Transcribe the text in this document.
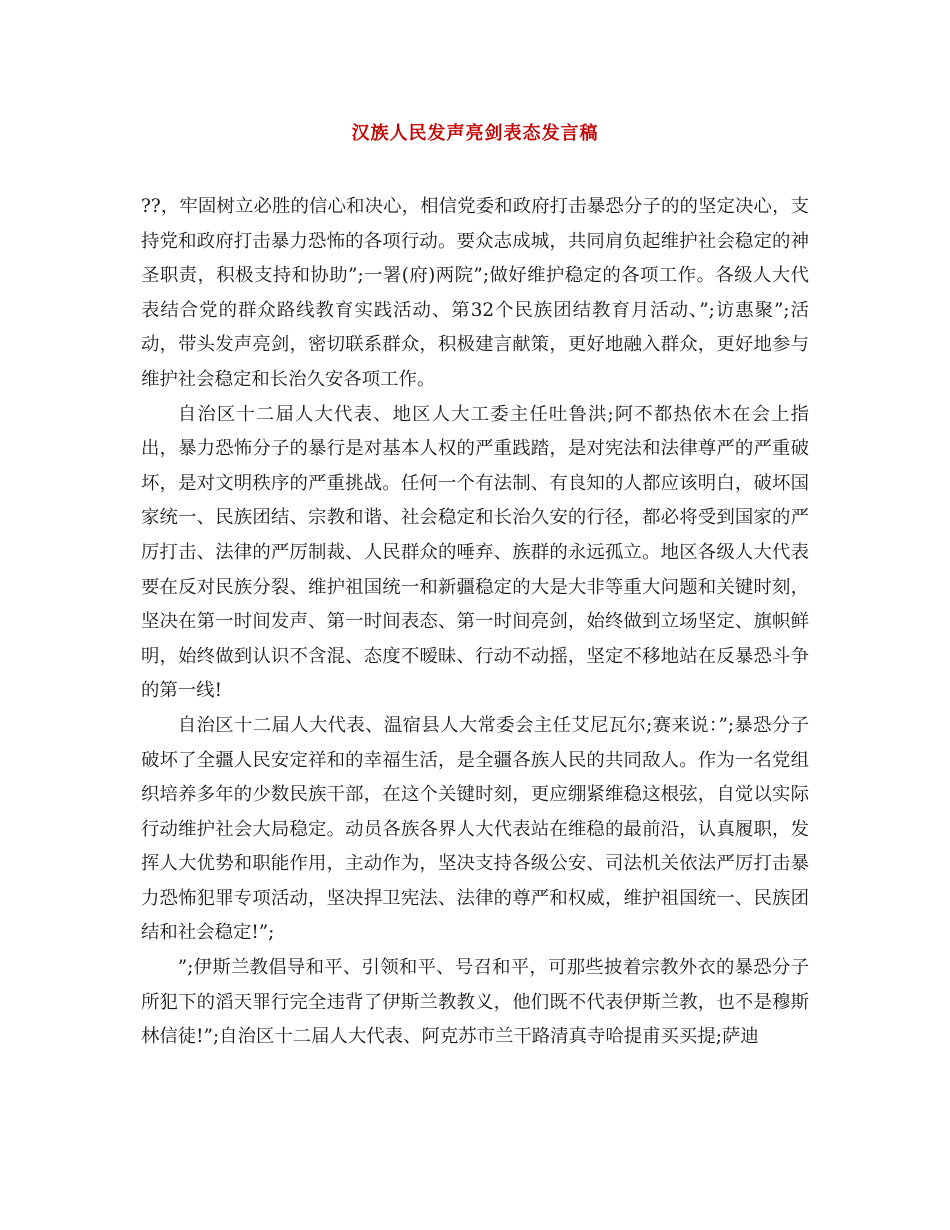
汉族人民发声亮剑表态发言稿

??，牢固树立必胜的信心和决心，相信党委和政府打击暴恐分子的的坚定决心，支持党和政府打击暴力恐怖的各项行动。要众志成城，共同肩负起维护社会稳定的神圣职责，积极支持和协助”;一署(府)两院”;做好维护稳定的各项工作。各级人大代表结合党的群众路线教育实践活动、第32个民族团结教育月活动、”;访惠聚”;活动，带头发声亮剑，密切联系群众，积极建言献策，更好地融入群众，更好地参与维护社会稳定和长治久安各项工作。

自治区十二届人大代表、地区人大工委主任吐鲁洪;阿不都热依木在会上指出，暴力恐怖分子的暴行是对基本人权的严重践踏，是对宪法和法律尊严的严重破坏，是对文明秩序的严重挑战。任何一个有法制、有良知的人都应该明白，破坏国家统一、民族团结、宗教和谐、社会稳定和长治久安的行径，都必将受到国家的严厉打击、法律的严厉制裁、人民群众的唾弃、族群的永远孤立。地区各级人大代表要在反对民族分裂、维护祖国统一和新疆稳定的大是大非等重大问题和关键时刻，坚决在第一时间发声、第一时间表态、第一时间亮剑，始终做到立场坚定、旗帜鲜明，始终做到认识不含混、态度不暧昧、行动不动摇，坚定不移地站在反暴恐斗争的第一线!

自治区十二届人大代表、温宿县人大常委会主任艾尼瓦尔;赛来说：”;暴恐分子破坏了全疆人民安定祥和的幸福生活，是全疆各族人民的共同敌人。作为一名党组织培养多年的少数民族干部，在这个关键时刻，更应绷紧维稳这根弦，自觉以实际行动维护社会大局稳定。动员各族各界人大代表站在维稳的最前沿，认真履职，发挥人大优势和职能作用，主动作为，坚决支持各级公安、司法机关依法严厉打击暴力恐怖犯罪专项活动，坚决捍卫宪法、法律的尊严和权威，维护祖国统一、民族团结和社会稳定!”;

”;伊斯兰教倡导和平、引领和平、号召和平，可那些披着宗教外衣的暴恐分子所犯下的滔天罪行完全违背了伊斯兰教教义，他们既不代表伊斯兰教，也不是穆斯林信徒!”;自治区十二届人大代表、阿克苏市兰干路清真寺哈提甫买买提;萨迪
